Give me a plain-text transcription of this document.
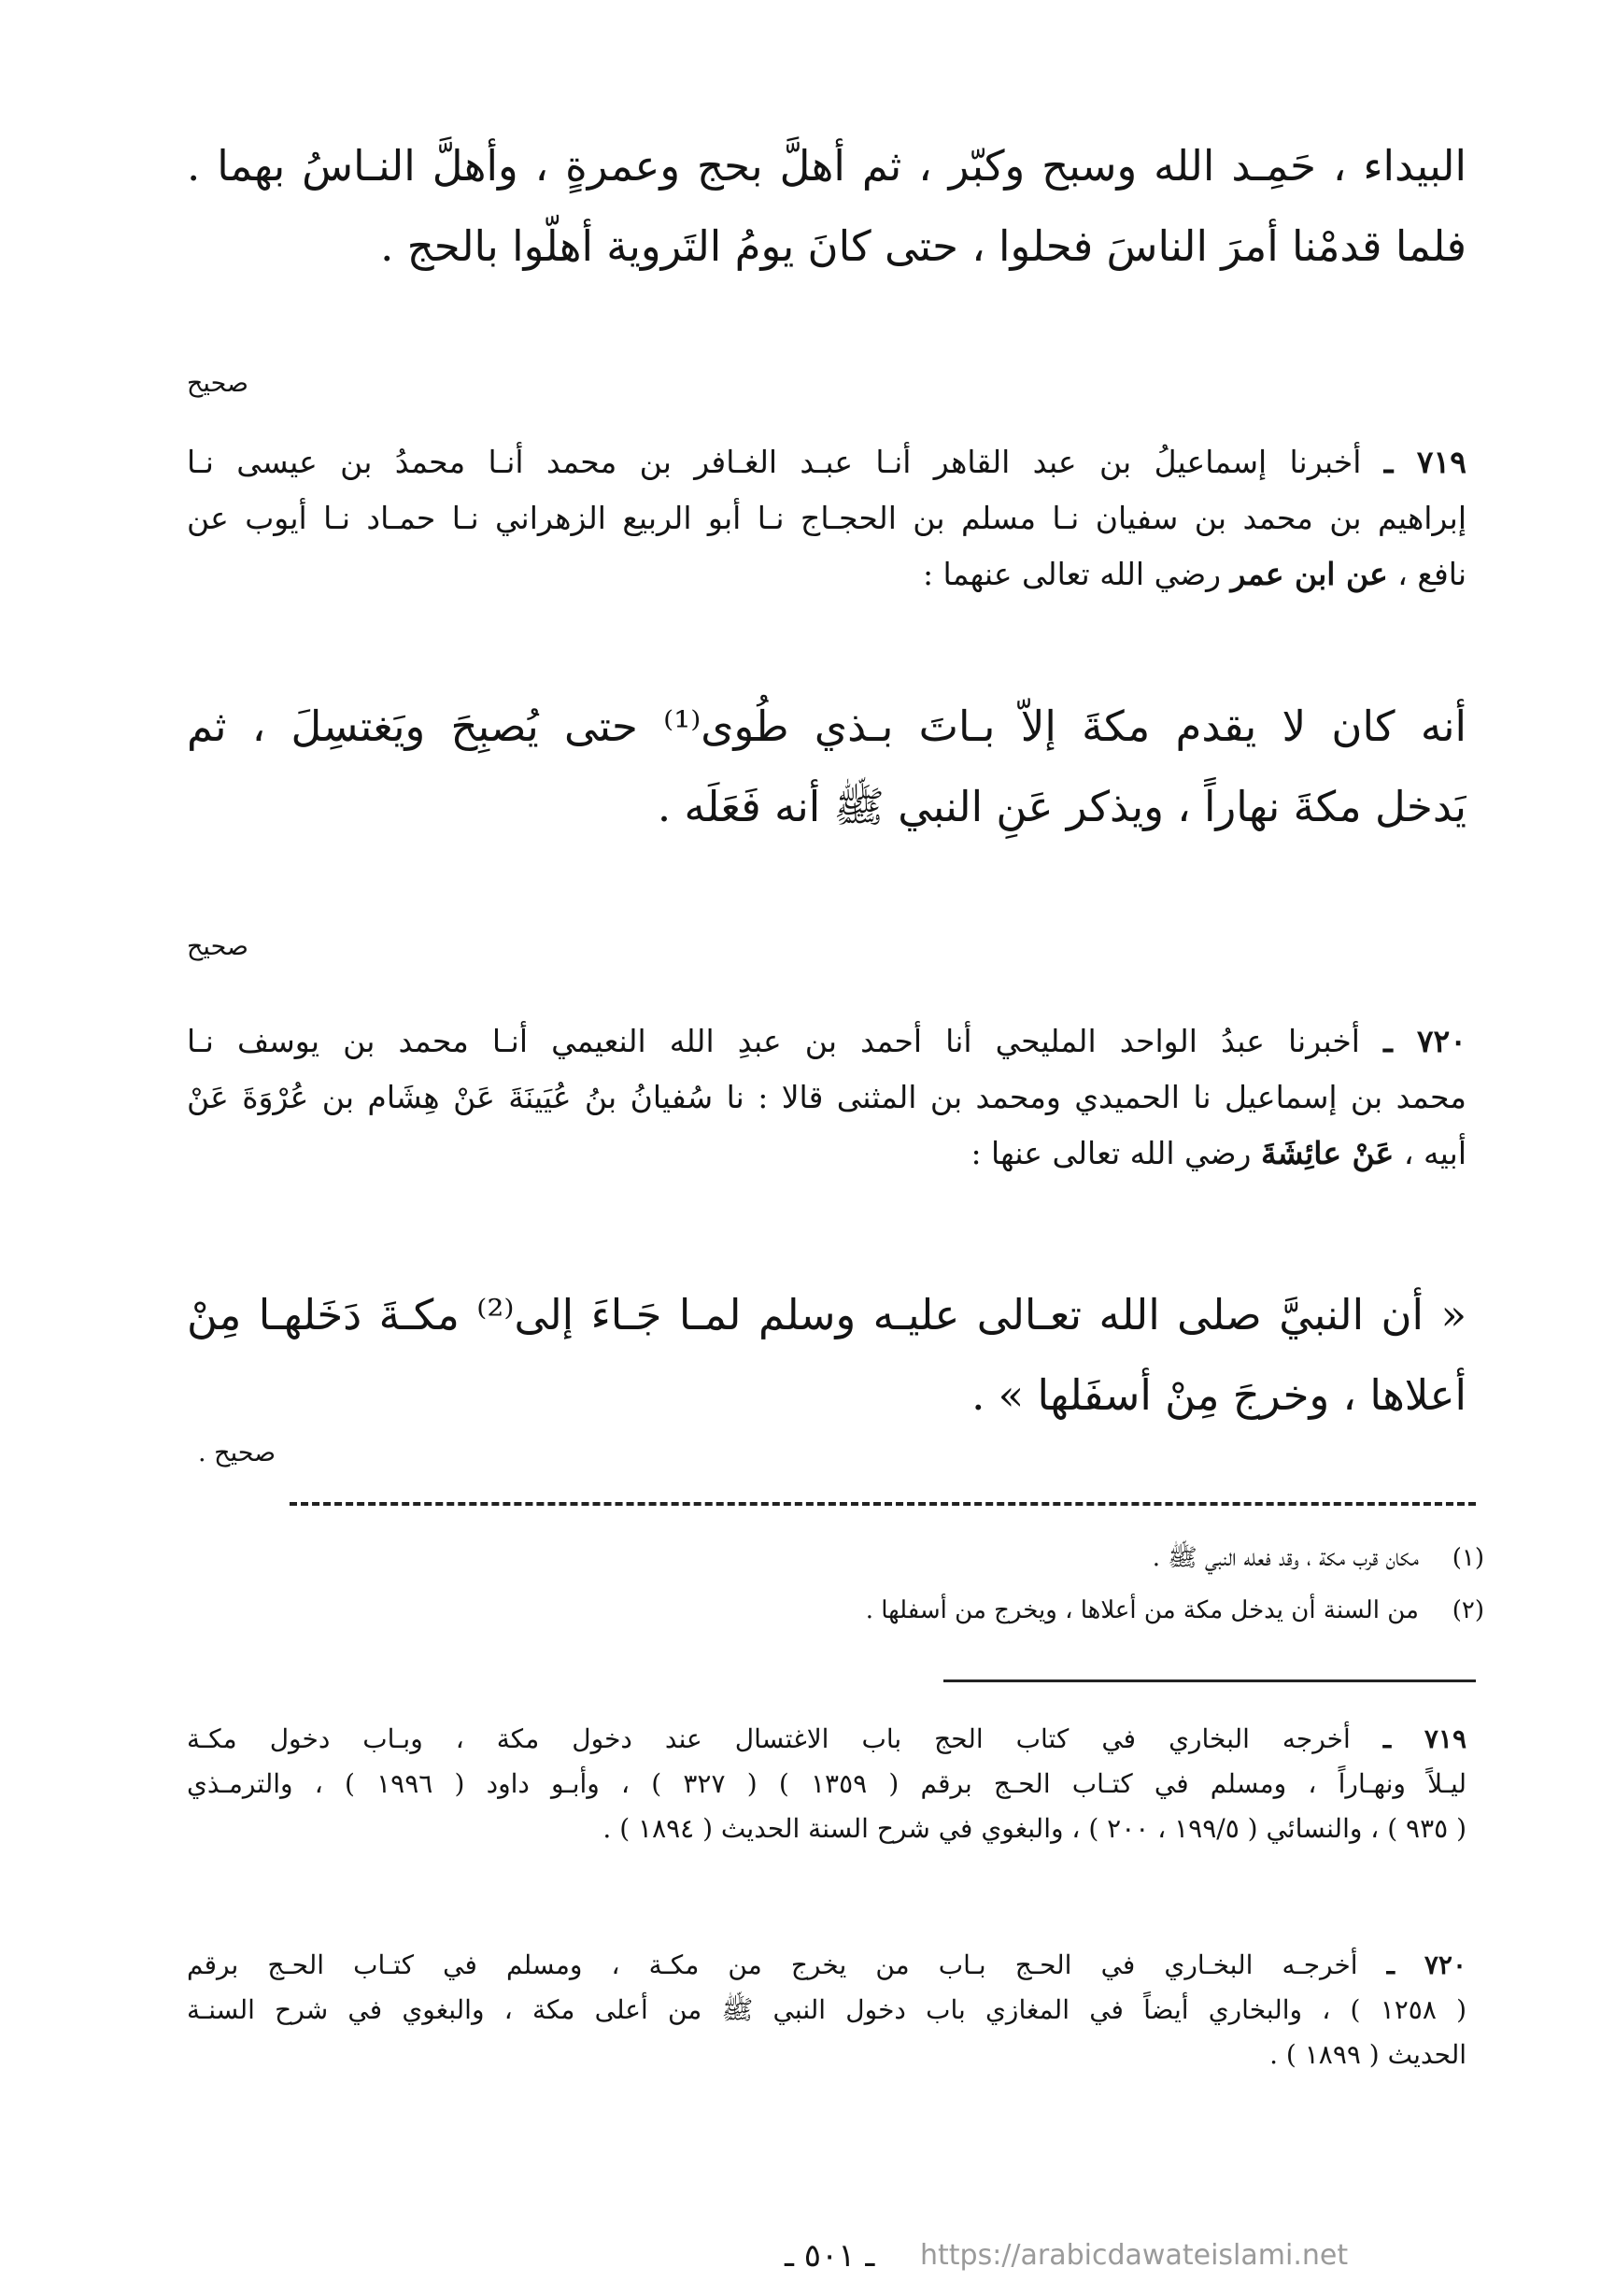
البيداء ، حَمِـد الله وسبح وكبّر ، ثم أهلَّ بحج وعمرةٍ ، وأهلَّ النـاسُ بهما .
فلما قدمْنا أمرَ الناسَ فحلوا ، حتى كانَ يومُ التَروية أهلّوا بالحج .
صحيح
٧١٩ ـ أخبرنا إسماعيلُ بن عبد القاهر أنـا عبـد الغـافر بن محمد أنـا محمدُ بن عيسى نـا
إبراهيم بن محمد بن سفيان نـا مسلم بن الحجـاج نـا أبو الربيع الزهراني نـا حمـاد نـا أيوب عن
نافع ، عن ابن عمر رضي الله تعالى عنهما :
أنه كان لا يقدم مكةَ إلاّ بـاتَ بـذي طُوى⁽¹⁾ حتى يُصبِحَ ويَغتسِلَ ، ثم
يَدخل مكةَ نهاراً ، ويذكر عَنِ النبي ﷺ أنه فَعَلَه .
صحيح
٧٢٠ ـ أخبرنا عبدُ الواحد المليحي أنا أحمد بن عبدِ الله النعيمي أنـا محمد بن يوسف نـا
محمد بن إسماعيل نا الحميدي ومحمد بن المثنى قالا : نا سُفيانُ بنُ عُيَينَةَ عَنْ هِشَام بن عُرْوَةَ عَنْ
أبيه ، عَنْ عائِشَةَ رضي الله تعالى عنها :
« أن النبيَّ صلى الله تعـالى عليـه وسلم لمـا جَـاءَ إلى⁽²⁾ مكـةَ دَخَلهـا مِنْ
أعلاها ، وخرجَ مِنْ أسفَلها » .
صحيح .
(١)مكان قرب مكة ، وقد فعله النبي ﷺ .
(٢)من السنة أن يدخل مكة من أعلاها ، ويخرج من أسفلها .
٧١٩ ـ أخرجه البخاري في كتاب الحج باب الاغتسال عند دخول مكة ، وبـاب دخول مكـة
ليـلاً ونهـاراً ، ومسلم في كتـاب الحـج برقم ( ١٣٥٩ ) ( ٣٢٧ ) ، وأبـو داود ( ١٩٩٦ ) ، والترمـذي
( ٩٣٥ ) ، والنسائي ( ١٩٩/٥ ، ٢٠٠ ) ، والبغوي في شرح السنة الحديث ( ١٨٩٤ ) .
٧٢٠ ـ أخرجـه البخـاري في الحـج بـاب من يخرج من مكـة ، ومسلم في كتـاب الحـج برقم
( ١٢٥٨ ) ، والبخاري أيضاً في المغازي باب دخول النبي ﷺ من أعلى مكة ، والبغوي في شرح السنـة
الحديث ( ١٨٩٩ ) .
ـ ٥٠١ ـ https://arabicdawateislami.net
